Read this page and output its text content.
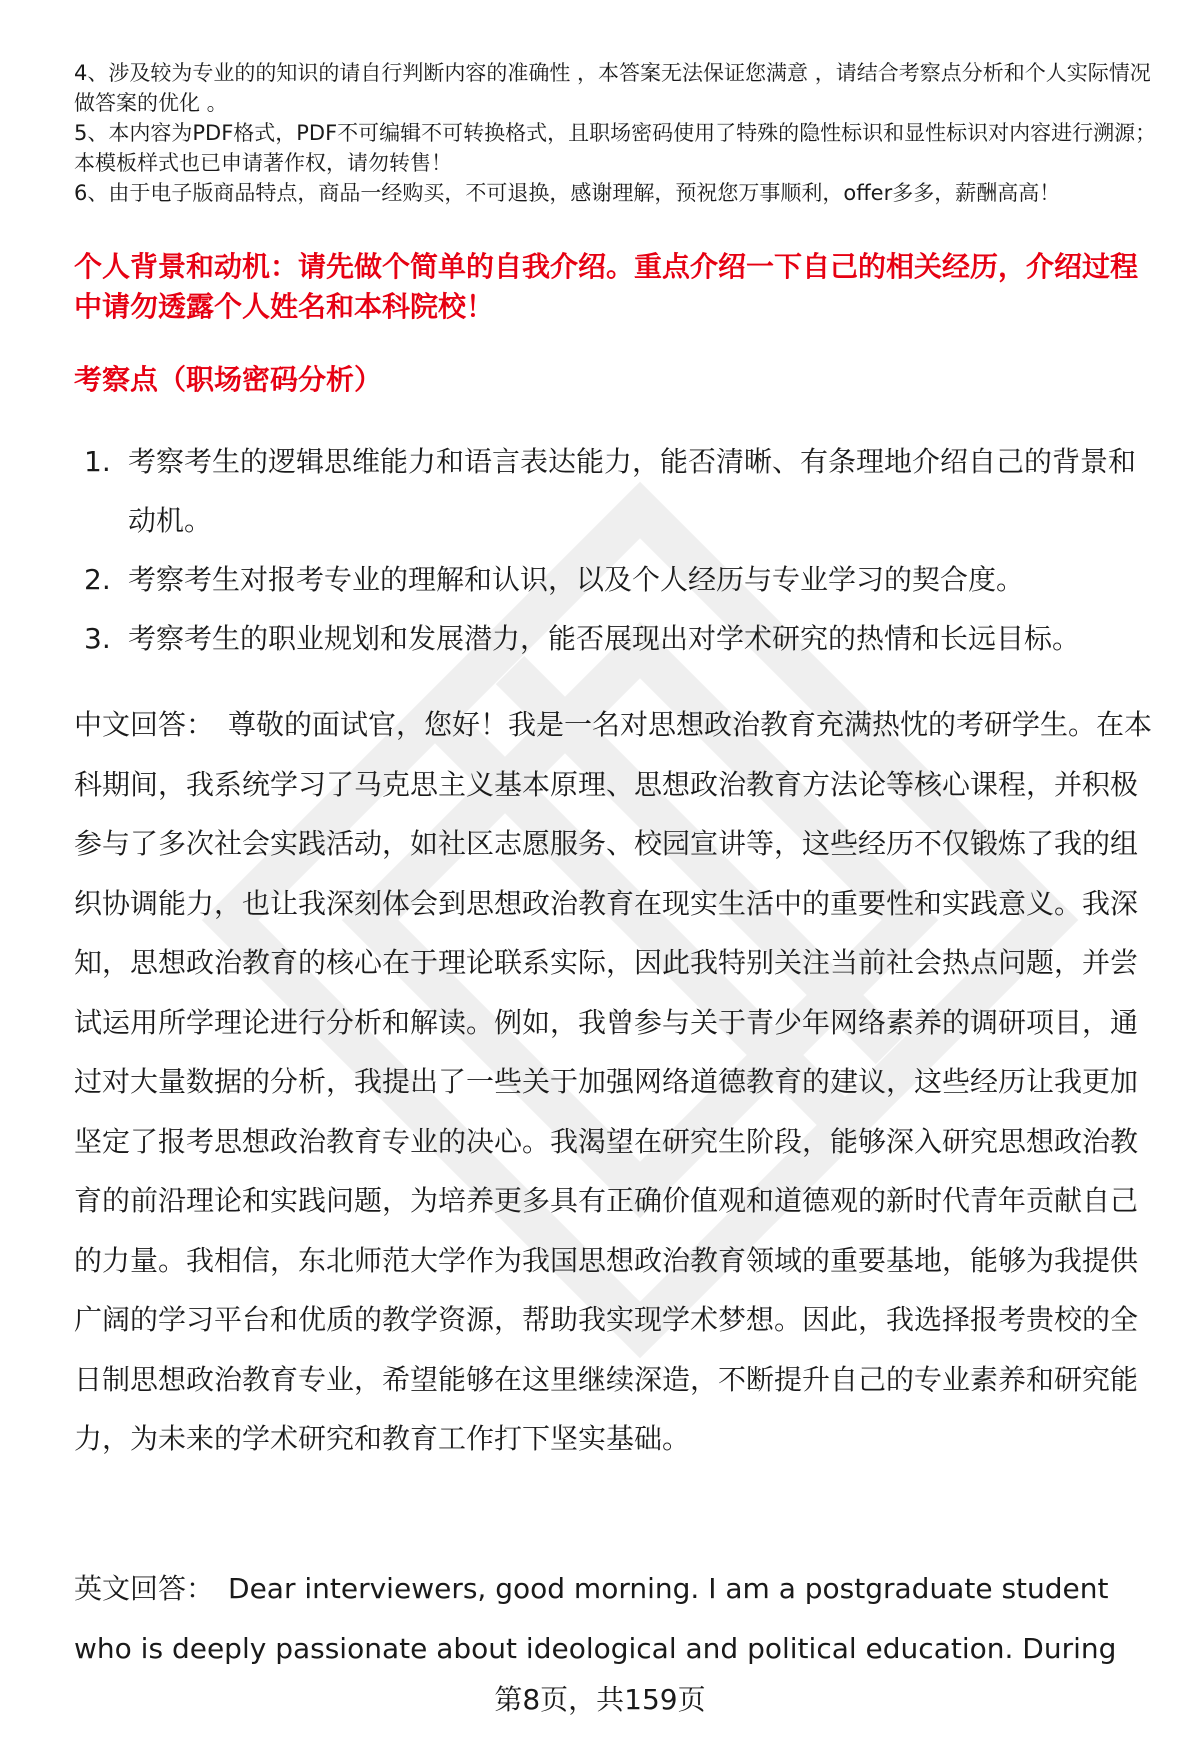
4、涉及较为专业的的知识的请自行判断内容的准确性 ，本答案无法保证您满意 ，请结合考察点分析和个人实际情况做答案的优化 。

5、本内容为PDF格式，PDF不可编辑不可转换格式，且职场密码使用了特殊的隐性标识和显性标识对内容进行溯源；本模板样式也已申请著作权，请勿转售！

6、由于电子版商品特点，商品一经购买，不可退换，感谢理解，预祝您万事顺利，offer多多，薪酬高高！

个人背景和动机：请先做个简单的自我介绍。重点介绍一下自己的相关经历，介绍过程中请勿透露个人姓名和本科院校！
考察点（职场密码分析）
1. 考察考生的逻辑思维能力和语言表达能力，能否清晰、有条理地介绍自己的背景和动机。
2. 考察考生对报考专业的理解和认识，以及个人经历与专业学习的契合度。
3. 考察考生的职业规划和发展潜力，能否展现出对学术研究的热情和长远目标。

中文回答： 尊敬的面试官，您好！我是一名对思想政治教育充满热忱的考研学生。在本科期间，我系统学习了马克思主义基本原理、思想政治教育方法论等核心课程，并积极参与了多次社会实践活动，如社区志愿服务、校园宣讲等，这些经历不仅锻炼了我的组织协调能力，也让我深刻体会到思想政治教育在现实生活中的重要性和实践意义。我深知，思想政治教育的核心在于理论联系实际，因此我特别关注当前社会热点问题，并尝试运用所学理论进行分析和解读。例如，我曾参与关于青少年网络素养的调研项目，通过对大量数据的分析，我提出了一些关于加强网络道德教育的建议，这些经历让我更加坚定了报考思想政治教育专业的决心。我渴望在研究生阶段，能够深入研究思想政治教育的前沿理论和实践问题，为培养更多具有正确价值观和道德观的新时代青年贡献自己的力量。我相信，东北师范大学作为我国思想政治教育领域的重要基地，能够为我提供广阔的学习平台和优质的教学资源，帮助我实现学术梦想。因此，我选择报考贵校的全日制思想政治教育专业，希望能够在这里继续深造，不断提升自己的专业素养和研究能力，为未来的学术研究和教育工作打下坚实基础。

英文回答： Dear interviewers, good morning. I am a postgraduate student who is deeply passionate about ideological and political education. During

第8页，共159页
